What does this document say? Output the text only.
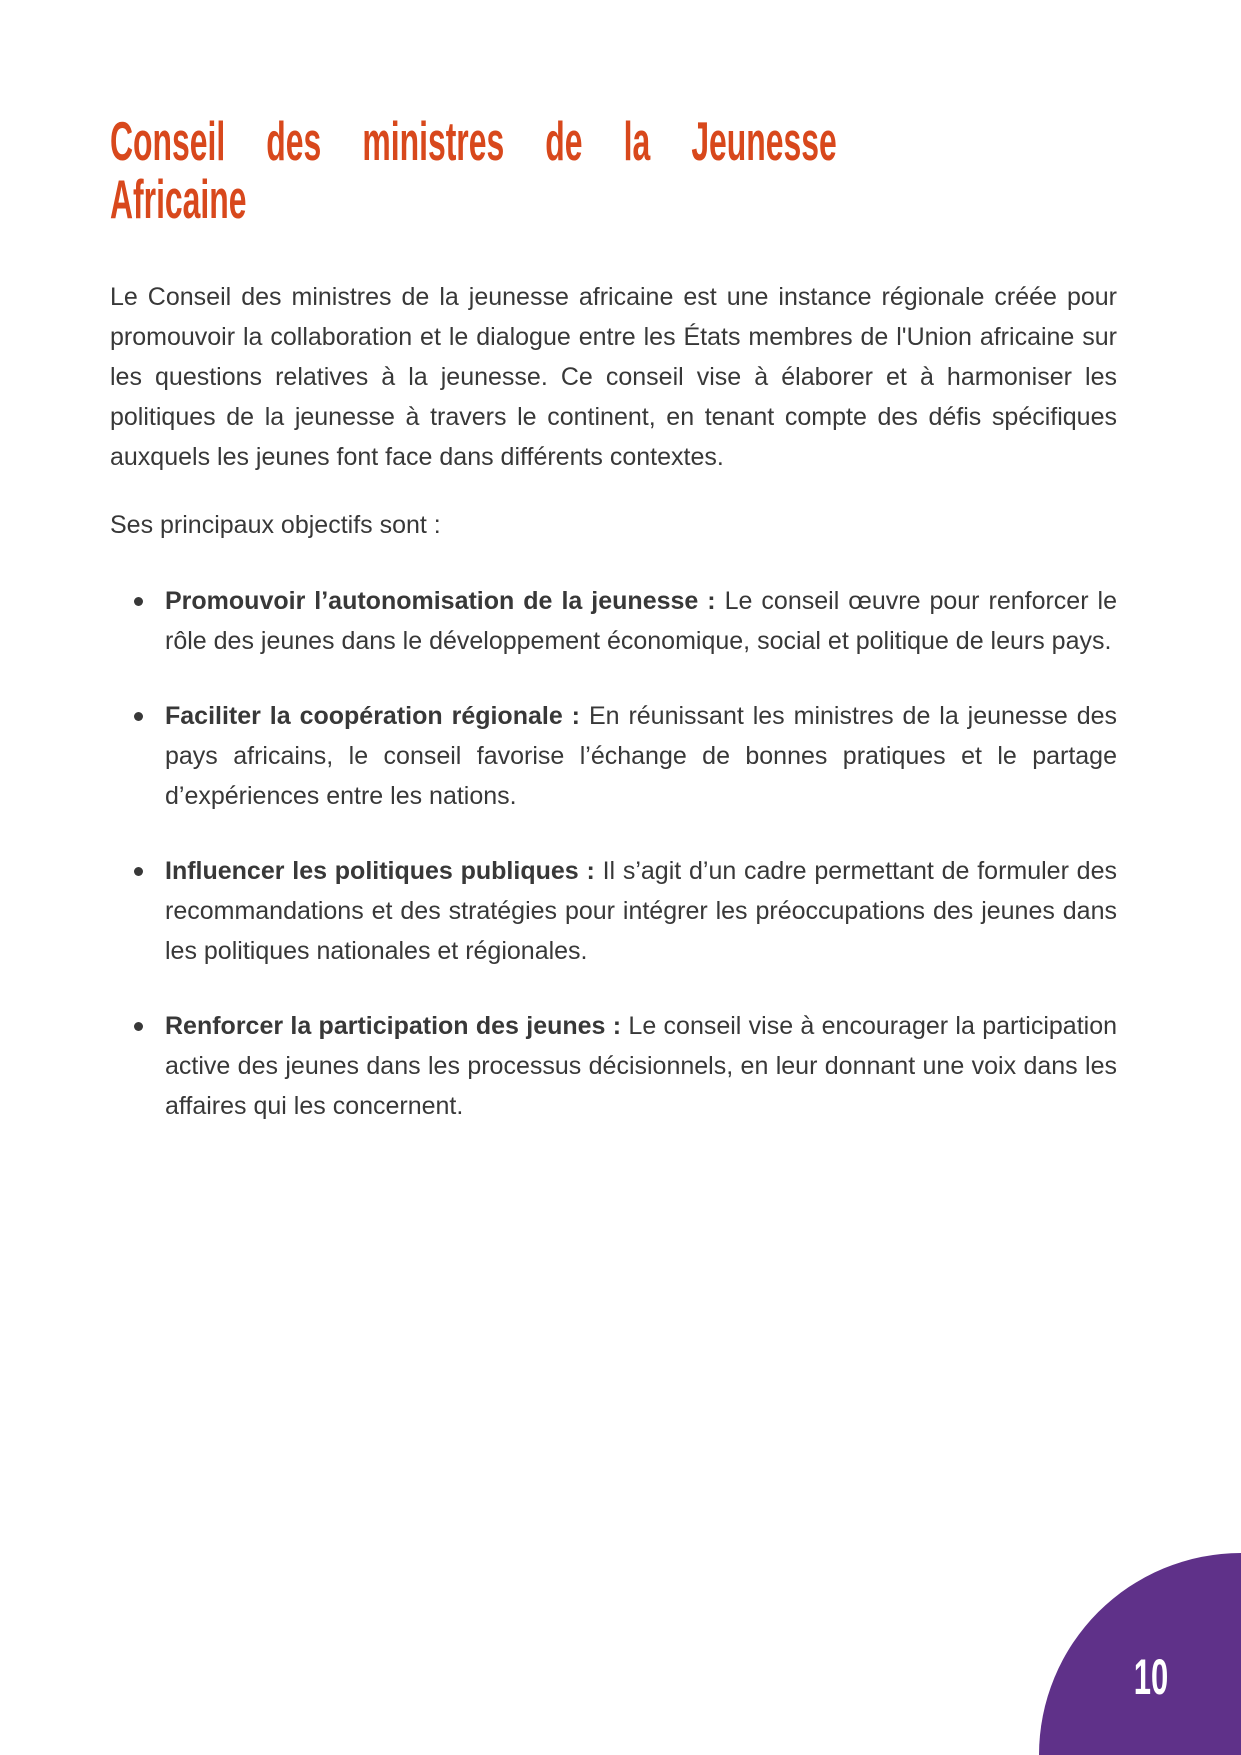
Conseil des ministres de la Jeunesse
Africaine

Le Conseil des ministres de la jeunesse africaine est une instance régionale créée pour promouvoir la collaboration et le dialogue entre les États membres de l'Union africaine sur les questions relatives à la jeunesse. Ce conseil vise à élaborer et à harmoniser les politiques de la jeunesse à travers le continent, en tenant compte des défis spécifiques auxquels les jeunes font face dans différents contextes.

Ses principaux objectifs sont :

Promouvoir l’autonomisation de la jeunesse : Le conseil œuvre pour renforcer le rôle des jeunes dans le développement économique, social et politique de leurs pays.
Faciliter la coopération régionale : En réunissant les ministres de la jeunesse des pays africains, le conseil favorise l’échange de bonnes pratiques et le partage d’expériences entre les nations.
Influencer les politiques publiques : Il s’agit d’un cadre permettant de formuler des recommandations et des stratégies pour intégrer les préoccupations des jeunes dans les politiques nationales et régionales.
Renforcer la participation des jeunes : Le conseil vise à encourager la participation active des jeunes dans les processus décisionnels, en leur donnant une voix dans les affaires qui les concernent.
10
